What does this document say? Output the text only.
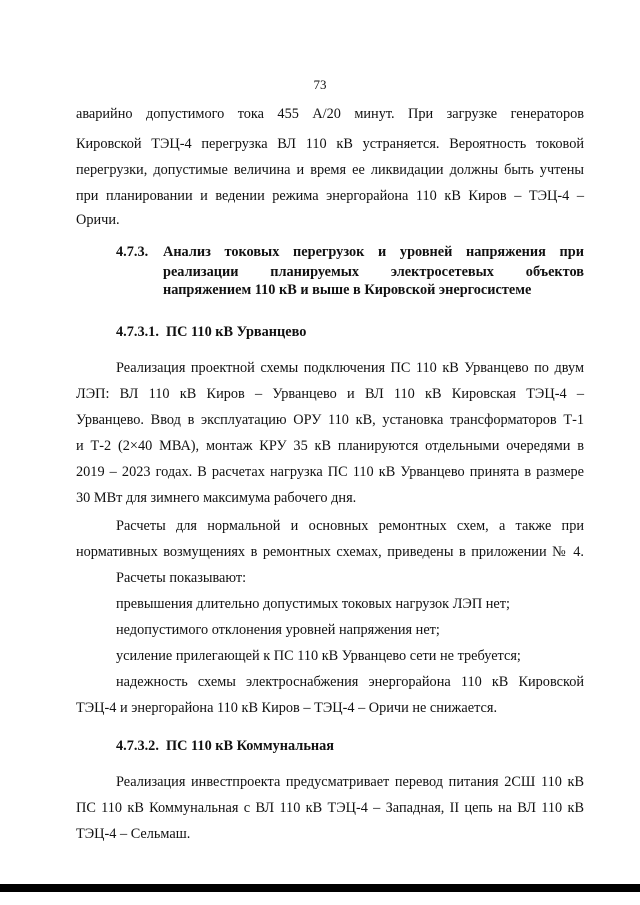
73
аварийно допустимого тока 455 А/20 минут. При загрузке генераторов
Кировской ТЭЦ-4 перегрузка ВЛ 110 кВ устраняется. Вероятность токовой
перегрузки, допустимые величина и время ее ликвидации должны быть учтены
при планировании и ведении режима энергорайона 110 кВ Киров – ТЭЦ-4 –
Оричи.
4.7.3. Анализ токовых перегрузок и уровней напряжения при
реализации планируемых электросетевых объектов
напряжением 110 кВ и выше в Кировской энергосистеме
4.7.3.1.  ПС 110 кВ Урванцево
Реализация проектной схемы подключения ПС 110 кВ Урванцево по двум
ЛЭП: ВЛ 110 кВ Киров – Урванцево и ВЛ 110 кВ Кировская ТЭЦ-4 –
Урванцево. Ввод в эксплуатацию ОРУ 110 кВ, установка трансформаторов Т-1
и Т-2 (2×40 МВА), монтаж КРУ 35 кВ планируются отдельными очередями в
2019 – 2023 годах. В расчетах нагрузка ПС 110 кВ Урванцево принята в размере
30 МВт для зимнего максимума рабочего дня.
Расчеты для нормальной и основных ремонтных схем, а также при
нормативных возмущениях в ремонтных схемах, приведены в приложении № 4.
Расчеты показывают:
превышения длительно допустимых токовых нагрузок ЛЭП нет;
недопустимого отклонения уровней напряжения нет;
усиление прилегающей к ПС 110 кВ Урванцево сети не требуется;
надежность схемы электроснабжения энергорайона 110 кВ Кировской
ТЭЦ-4 и энергорайона 110 кВ Киров – ТЭЦ-4 – Оричи не снижается.
4.7.3.2.  ПС 110 кВ Коммунальная
Реализация инвестпроекта предусматривает перевод питания 2СШ 110 кВ
ПС 110 кВ Коммунальная с ВЛ 110 кВ ТЭЦ-4 – Западная, II цепь на ВЛ 110 кВ
ТЭЦ-4 – Сельмаш.
